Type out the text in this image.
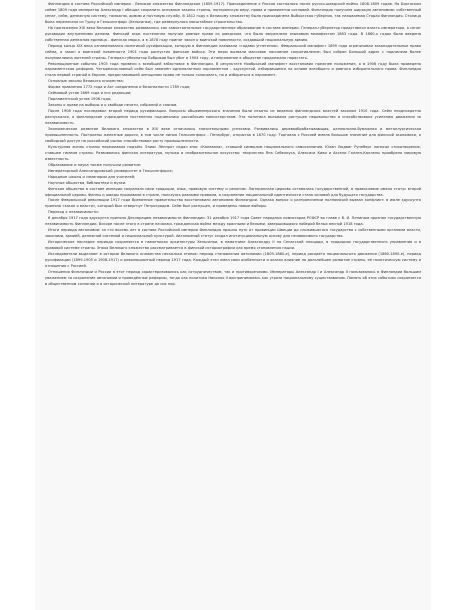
Финляндия в составе Российской империи - Великое княжество Финляндское (1809-1917). Присоединение к России состоялось после русско-шведской войны 1808-1809 годов. На Боргоском сейме 1809 года император Александр I обещал сохранить основные законы страны, лютеранскую веру, права и привилегии сословий. Финляндия получила широкую автономию: собственный сенат, сейм, денежную систему, таможню, армию и почтовую службу. В 1812 году к Великому княжеству была присоединена Выборгская губерния, так называемая Старая Финляндия. Столица была перенесена из Турку в Гельсингфорс (Хельсинки), где развернулось масштабное строительство.

На протяжении XIX века Великое княжество развивалось как самостоятельное государственное образование в составе империи. Генерал-губернатор представлял власть императора, а сенат руководил внутренними делами. Финский язык постепенно получил равные права со шведским, что было закреплено языковым манифестом 1863 года. В 1860-х годах была введена собственная денежная единица - финская марка, а в 1878 году принят закон о воинской повинности, создавший национальную армию.

Период конца XIX века ознаменовался политикой русификации, которую в Финляндии называли «годами угнетения». Февральский манифест 1899 года ограничивал законодательные права сейма, а закон о воинской повинности 1901 года распустил финские войска. Эти меры вызвали массовое пассивное сопротивление: был собран Большой адрес с подписями более полумиллиона жителей страны. Генерал-губернатор Бобриков был убит в 1904 году, и напряжение в обществе продолжало нарастать.

Революционные события 1905 года привели к всеобщей забастовке в Финляндии. В результате Ноябрьский манифест восстановил прежнее положение, а в 1906 году была проведена парламентская реформа. Четырёхсословный сейм был заменён однопалатным парламентом - эдускунтой, избиравшимся на основе всеобщего и равного избирательного права. Финляндия стала первой страной в Европе, предоставившей женщинам право не только голосовать, но и избираться в парламент.

Основные законы Великого княжества:

Форма правления 1772 года и Акт соединения и безопасности 1789 года;

Сеймовый устав 1869 года и его редакции;

Парламентский устав 1906 года;

Законы о праве на выборы и о свободе печати, собраний и союзов.

После 1908 года последовал второй период русификации. Вопросы общеимперского значения были изъяты из ведения финляндских властей законом 1910 года. Сейм неоднократно распускался, а финляндские учреждения постепенно подчинялись российским министерствам. Эта политика вызывала растущее недовольство и способствовала усилению движения за независимость.

Экономическое развитие Великого княжества в XIX веке отличалось значительными успехами. Развивались деревообрабатывающая, целлюлозно-бумажная и металлургическая промышленность. Построены железные дороги, в том числе линия Гельсингфорс - Петербург, открытая в 1870 году. Торговля с Россией имела большое значение для финской экономики, а свободный доступ на российский рынок способствовал росту промышленности.

Культурная жизнь страны переживала подъём. Элиас Лённрот издал эпос «Калевала», ставший символом национального самосознания. Юхан Людвиг Рунеберг написал стихотворение, ставшее гимном страны. Развивались финская литература, музыка и изобразительное искусство: творчество Яна Сибелиуса, Алексиса Киви и Аксели Галлен-Каллелы приобрело мировую известность.

Образование и наука также получили развитие:

Императорский Александровский университет в Гельсингфорсе;

Народные школы и семинарии для учителей;

Научные общества, библиотеки и музеи.

Финское общество в составе империи сохраняло свои традиции, язык, правовую систему и религию. Лютеранская церковь оставалась государственной, а православие имело статус второй официальной церкви. Финны и шведы проживали в стране, пользуясь равными правами, а сохранение национальной идентичности стало основой для будущего государства.

После Февральской революции 1917 года Временное правительство восстановило автономию Финляндии. Однако вопрос о разграничении полномочий вызвал конфликт: в июле эдускунта приняла «закон о власти», который был отвергнут Петроградом. Сейм был распущен, и проведены новые выборы.

Переход к независимости:

6 декабря 1917 года эдускунта приняла Декларацию независимости Финляндии. 31 декабря 1917 года Совет народных комиссаров РСФСР во главе с В. И. Лениным признал государственную независимость Финляндии. Вскоре после этого в стране началась гражданская война между красными и белыми, завершившаяся победой белых весной 1918 года.

Итоги периода автономии: за сто восемь лет в составе Российской империи Финляндия прошла путь от провинции Швеции до сложившегося государства с собственными органами власти, законами, армией, денежной системой и национальной культурой. Автономный статус создал институциональную основу для независимого государства.

Историческое наследие периода сохраняется в памятниках архитектуры Хельсинки, в памятнике Александру II на Сенатской площади, в традициях государственного управления и в правовой системе страны. Эпоха Великого княжества рассматривается в финской историографии как время становления нации.

Исследователи выделяют в истории Великого княжества несколько этапов: период становления автономии (1809-1860-е), период расцвета национального движения (1860-1890-е), период русификации (1899-1905 и 1908-1917) и революционный период 1917 года. Каждый этап имел свои особенности и оказал влияние на дальнейшее развитие страны, её политическую систему и отношения с Россией.

Отношения Финляндии и России в этот период характеризовались как сотрудничеством, так и противоречиями. Императоры Александр I и Александр II пользовались в Финляндии большим уважением за сохранение автономии и проведённые реформы, тогда как политика Николая II воспринималась как угроза национальному существованию. Память об этих событиях сохраняется в общественном сознании и в исторической литературе до сих пор.
